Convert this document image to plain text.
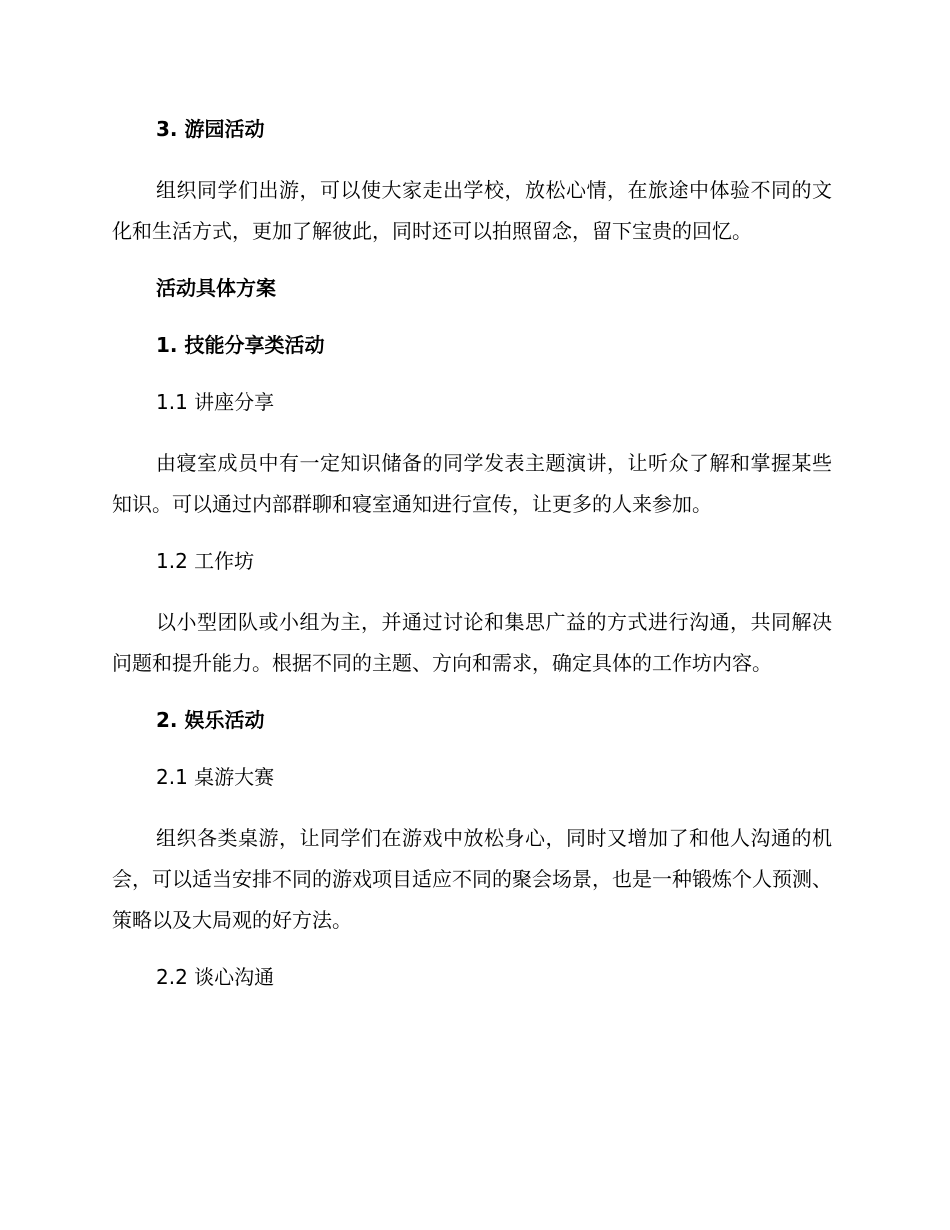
3. 游园活动

组织同学们出游，可以使大家走出学校，放松心情，在旅途中体验不同的文化和生活方式，更加了解彼此，同时还可以拍照留念，留下宝贵的回忆。

活动具体方案
1. 技能分享类活动
1.1 讲座分享

由寝室成员中有一定知识储备的同学发表主题演讲，让听众了解和掌握某些知识。可以通过内部群聊和寝室通知进行宣传，让更多的人来参加。

1.2 工作坊

以小型团队或小组为主，并通过讨论和集思广益的方式进行沟通，共同解决问题和提升能力。根据不同的主题、方向和需求，确定具体的工作坊内容。

2. 娱乐活动
2.1 桌游大赛

组织各类桌游，让同学们在游戏中放松身心，同时又增加了和他人沟通的机会，可以适当安排不同的游戏项目适应不同的聚会场景，也是一种锻炼个人预测、策略以及大局观的好方法。

2.2 谈心沟通
